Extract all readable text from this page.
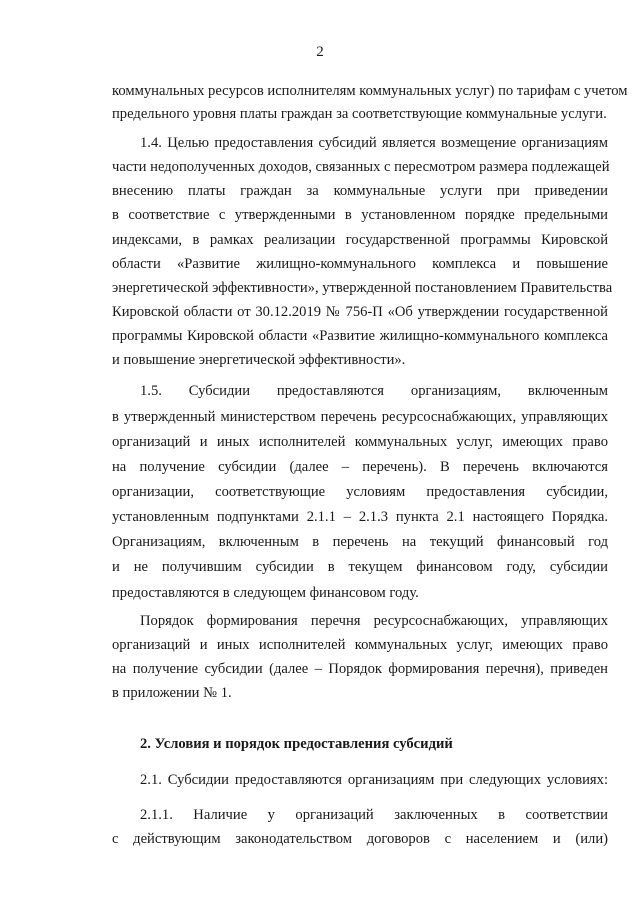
2
коммунальных ресурсов исполнителям коммунальных услуг) по тарифам с учетом
предельного уровня платы граждан за соответствующие коммунальные услуги.
1.4. Целью предоставления субсидий является возмещение организациям
части недополученных доходов, связанных с пересмотром размера подлежащей
внесению платы граждан за коммунальные услуги при приведении
в соответствие с утвержденными в установленном порядке предельными
индексами, в рамках реализации государственной программы Кировской
области «Развитие жилищно-коммунального комплекса и повышение
энергетической эффективности», утвержденной постановлением Правительства
Кировской области от 30.12.2019 № 756-П «Об утверждении государственной
программы Кировской области «Развитие жилищно-коммунального комплекса
и повышение энергетической эффективности».
1.5. Субсидии предоставляются организациям, включенным
в утвержденный министерством перечень ресурсоснабжающих, управляющих
организаций и иных исполнителей коммунальных услуг, имеющих право
на получение субсидии (далее – перечень). В перечень включаются
организации, соответствующие условиям предоставления субсидии,
установленным подпунктами 2.1.1 – 2.1.3 пункта 2.1 настоящего Порядка.
Организациям, включенным в перечень на текущий финансовый год
и не получившим субсидии в текущем финансовом году, субсидии
предоставляются в следующем финансовом году.
Порядок формирования перечня ресурсоснабжающих, управляющих
организаций и иных исполнителей коммунальных услуг, имеющих право
на получение субсидии (далее – Порядок формирования перечня), приведен
в приложении № 1.
2. Условия и порядок предоставления субсидий
2.1. Субсидии предоставляются организациям при следующих условиях:
2.1.1. Наличие у организаций заключенных в соответствии
с действующим законодательством договоров с населением и (или)
